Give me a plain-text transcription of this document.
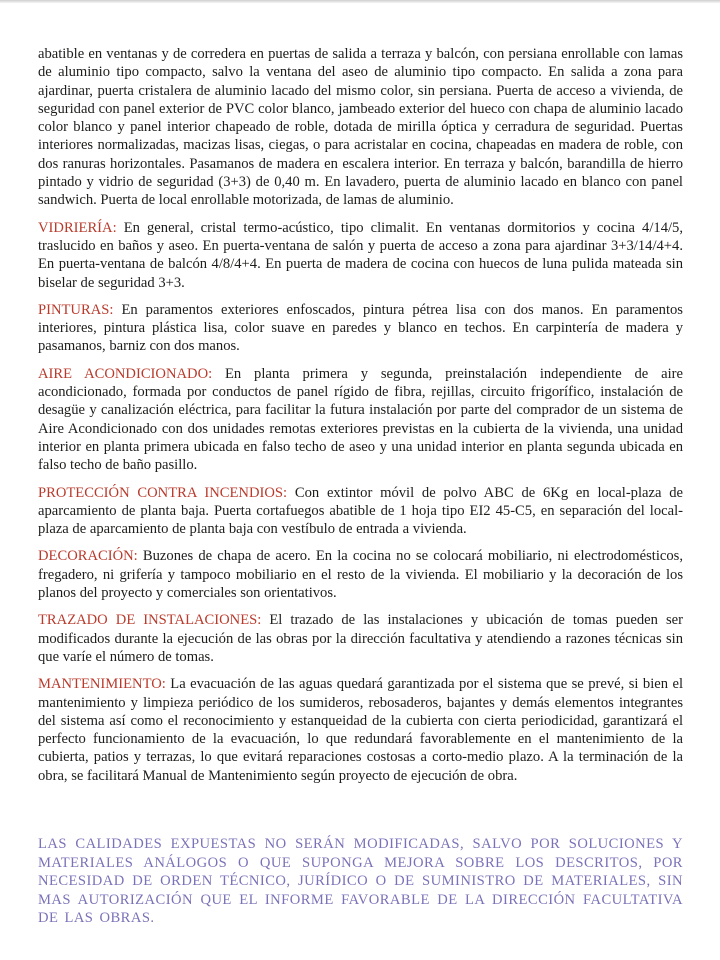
abatible en ventanas y de corredera en puertas de salida a terraza y balcón, con persiana enrollable con lamas de aluminio tipo compacto, salvo la ventana del aseo de aluminio tipo compacto. En salida a zona para ajardinar, puerta cristalera de aluminio lacado del mismo color, sin persiana. Puerta de acceso a vivienda, de seguridad con panel exterior de PVC color blanco, jambeado exterior del hueco con chapa de aluminio lacado color blanco y panel interior chapeado de roble, dotada de mirilla óptica y cerradura de seguridad. Puertas interiores normalizadas, macizas lisas, ciegas, o para acristalar en cocina, chapeadas en madera de roble, con dos ranuras horizontales. Pasamanos de madera en escalera interior. En terraza y balcón, barandilla de hierro pintado y vidrio de seguridad (3+3) de 0,40 m. En lavadero, puerta de aluminio lacado en blanco con panel sandwich. Puerta de local enrollable motorizada, de lamas de aluminio.

VIDRIERÍA: En general, cristal termo-acústico, tipo climalit. En ventanas dormitorios y cocina 4/14/5, traslucido en baños y aseo. En puerta-ventana de salón y puerta de acceso a zona para ajardinar 3+3/14/4+4. En puerta-ventana de balcón 4/8/4+4. En puerta de madera de cocina con huecos de luna pulida mateada sin biselar de seguridad 3+3.

PINTURAS: En paramentos exteriores enfoscados, pintura pétrea lisa con dos manos. En paramentos interiores, pintura plástica lisa, color suave en paredes y blanco en techos. En carpintería de madera y pasamanos, barniz con dos manos.

AIRE ACONDICIONADO: En planta primera y segunda, preinstalación independiente de aire acondicionado, formada por conductos de panel rígido de fibra, rejillas, circuito frigorífico, instalación de desagüe y canalización eléctrica, para facilitar la futura instalación por parte del comprador de un sistema de Aire Acondicionado con dos unidades remotas exteriores previstas en la cubierta de la vivienda, una unidad interior en planta primera ubicada en falso techo de aseo y una unidad interior en planta segunda ubicada en falso techo de baño pasillo.

PROTECCIÓN CONTRA INCENDIOS: Con extintor móvil de polvo ABC de 6Kg en local-plaza de aparcamiento de planta baja. Puerta cortafuegos abatible de 1 hoja tipo EI2 45-C5, en separación del local-plaza de aparcamiento de planta baja con vestíbulo de entrada a vivienda.

DECORACIÓN: Buzones de chapa de acero. En la cocina no se colocará mobiliario, ni electrodomésticos, fregadero, ni grifería y tampoco mobiliario en el resto de la vivienda. El mobiliario y la decoración de los planos del proyecto y comerciales son orientativos.

TRAZADO DE INSTALACIONES: El trazado de las instalaciones y ubicación de tomas pueden ser modificados durante la ejecución de las obras por la dirección facultativa y atendiendo a razones técnicas sin que varíe el número de tomas.

MANTENIMIENTO: La evacuación de las aguas quedará garantizada por el sistema que se prevé, si bien el mantenimiento y limpieza periódico de los sumideros, rebosaderos, bajantes y demás elementos integrantes del sistema así como el reconocimiento y estanqueidad de la cubierta con cierta periodicidad, garantizará el perfecto funcionamiento de la evacuación, lo que redundará favorablemente en el mantenimiento de la cubierta, patios y terrazas, lo que evitará reparaciones costosas a corto-medio plazo. A la terminación de la obra, se facilitará Manual de Mantenimiento según proyecto de ejecución de obra.

LAS CALIDADES EXPUESTAS NO SERÁN MODIFICADAS, SALVO POR SOLUCIONES Y MATERIALES ANÁLOGOS O QUE SUPONGA MEJORA SOBRE LOS DESCRITOS, POR NECESIDAD DE ORDEN TÉCNICO, JURÍDICO O DE SUMINISTRO DE MATERIALES, SIN MAS AUTORIZACIÓN QUE EL INFORME FAVORABLE DE LA DIRECCIÓN FACULTATIVA DE LAS OBRAS.
